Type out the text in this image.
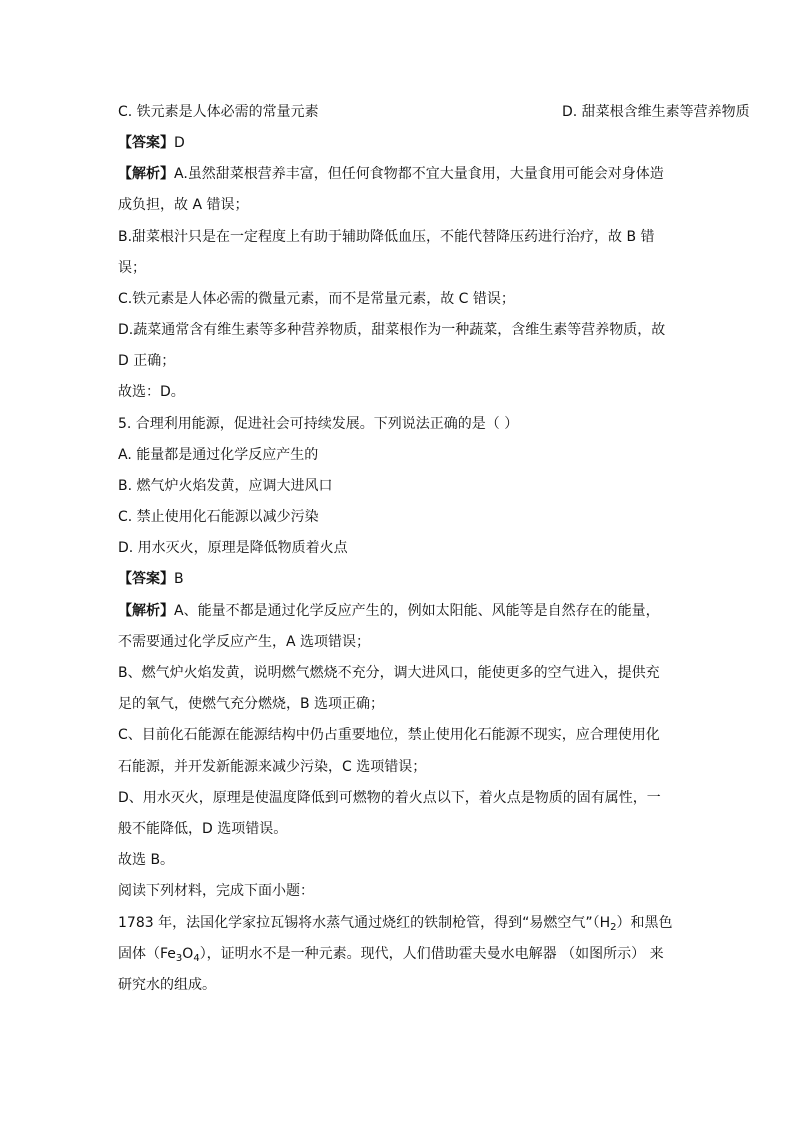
C. 铁元素是人体必需的常量元素	D. 甜菜根含维生素等营养物质
【答案】D
【解析】A.虽然甜菜根营养丰富，但任何食物都不宜大量食用，大量食用可能会对身体造
成负担，故 A 错误；
B.甜菜根汁只是在一定程度上有助于辅助降低血压，不能代替降压药进行治疗，故 B 错
误；
C.铁元素是人体必需的微量元素，而不是常量元素，故 C 错误；
D.蔬菜通常含有维生素等多种营养物质，甜菜根作为一种蔬菜，含维生素等营养物质，故
D 正确；
故选：D。
5. 合理利用能源，促进社会可持续发展。下列说法正确的是（ ）
A. 能量都是通过化学反应产生的
B. 燃气炉火焰发黄，应调大进风口
C. 禁止使用化石能源以减少污染
D. 用水灭火，原理是降低物质着火点
【答案】B
【解析】A、能量不都是通过化学反应产生的，例如太阳能、风能等是自然存在的能量，
不需要通过化学反应产生，A 选项错误；
B、燃气炉火焰发黄，说明燃气燃烧不充分，调大进风口，能使更多的空气进入，提供充
足的氧气，使燃气充分燃烧，B 选项正确；
C、目前化石能源在能源结构中仍占重要地位，禁止使用化石能源不现实，应合理使用化
石能源，并开发新能源来减少污染，C 选项错误；
D、用水灭火，原理是使温度降低到可燃物的着火点以下，着火点是物质的固有属性，一
般不能降低，D 选项错误。
故选 B。
阅读下列材料，完成下面小题：
1783 年，法国化学家拉瓦锡将水蒸气通过烧红的铁制枪管，得到“易燃空气$”(H_2)$和黑色
固体$(Fe_3O_4)$，证明水不是一种元素。现代，人们借助霍夫曼水电解器 （如图所示） 来
研究水的组成。
